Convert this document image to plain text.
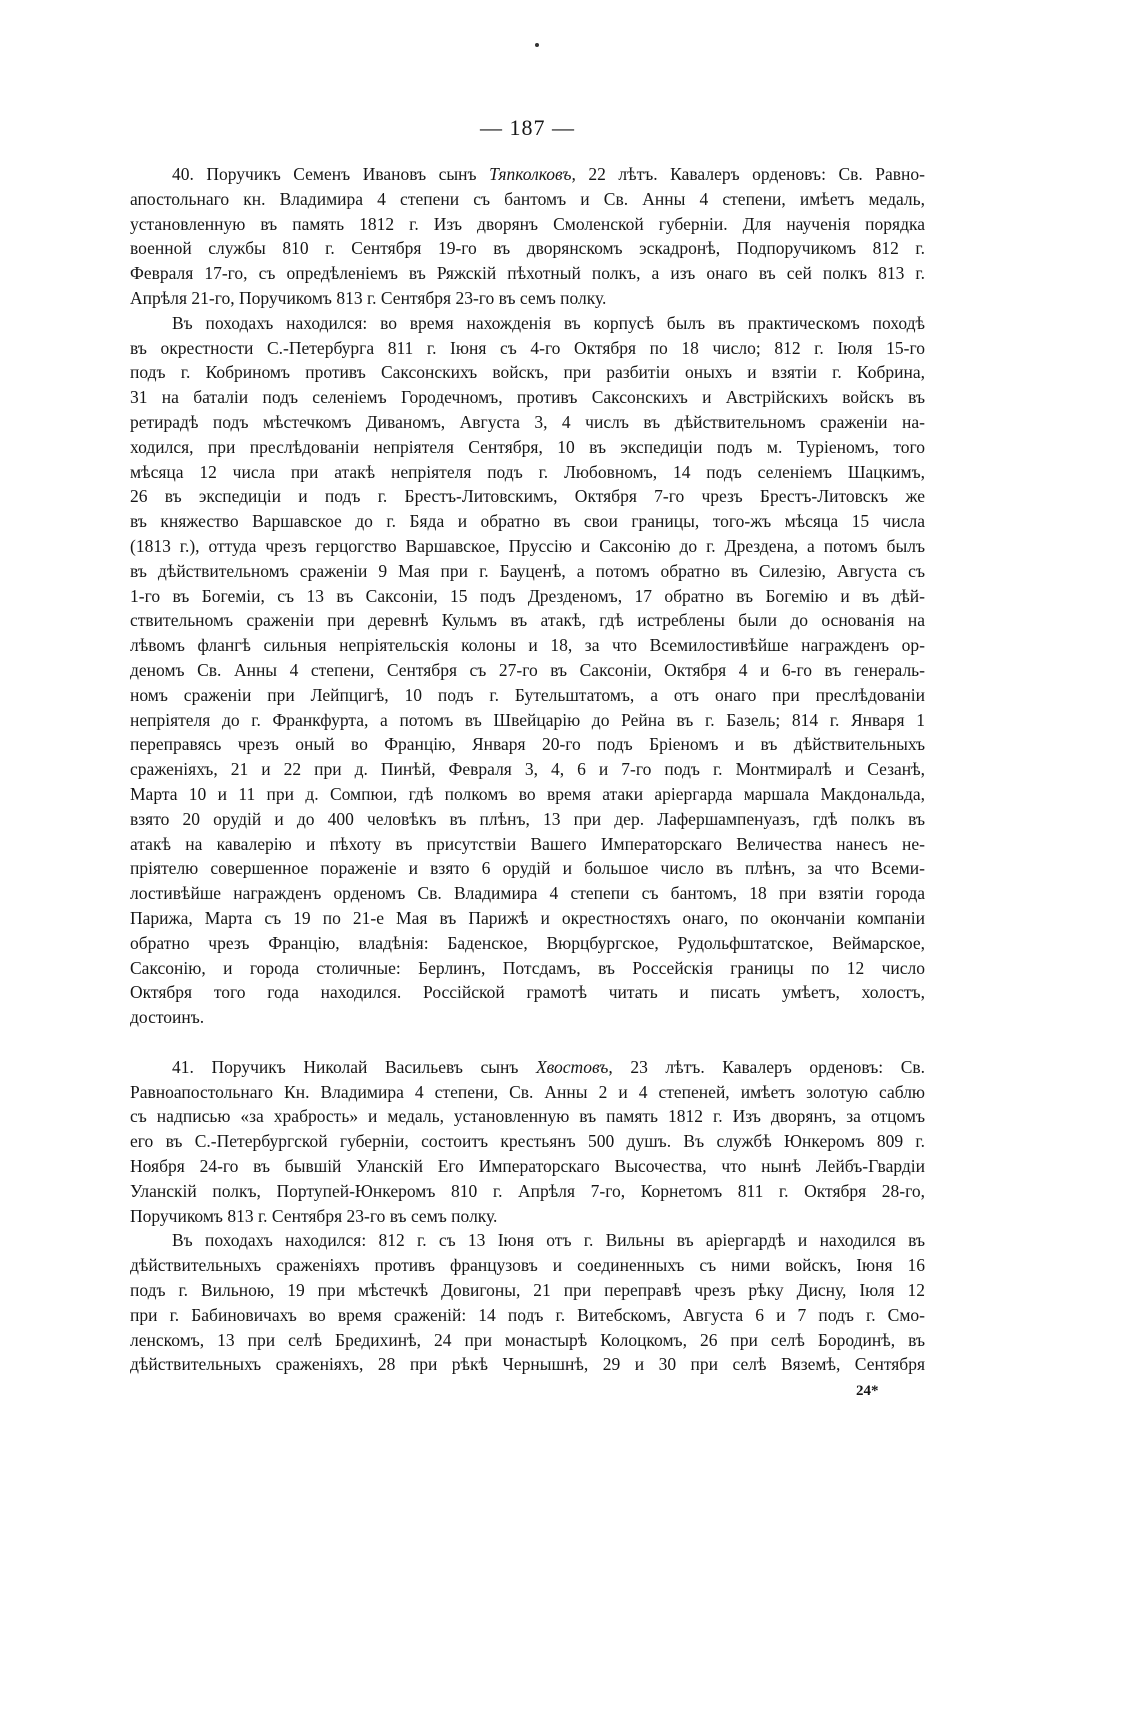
— 187 —
40. Поручикъ Семенъ Ивановъ сынъ Тяпколковъ, 22 лѣтъ. Кавалеръ орденовъ: Св. Равно-
апостольнаго кн. Владимира 4 степени съ бантомъ и Св. Анны 4 степени, имѣетъ медаль,
установленную въ память 1812 г. Изъ дворянъ Смоленской губерніи. Для наученія порядка
военной службы 810 г. Сентября 19-го въ дворянскомъ эскадронѣ, Подпоручикомъ 812 г.
Февраля 17-го, съ опредѣленіемъ въ Ряжскій пѣхотный полкъ, а изъ онаго въ сей полкъ 813 г.
Апрѣля 21-го, Поручикомъ 813 г. Сентября 23-го въ семъ полку.
Въ походахъ находился: во время нахожденія въ корпусѣ былъ въ практическомъ походѣ
въ окрестности С.-Петербурга 811 г. Іюня съ 4-го Октября по 18 число; 812 г. Іюля 15-го
подъ г. Кобриномъ противъ Саксонскихъ войскъ, при разбитіи оныхъ и взятіи г. Кобрина,
31 на баталіи подъ селеніемъ Городечномъ, противъ Саксонскихъ и Австрійскихъ войскъ въ
ретирадѣ подъ мѣстечкомъ Диваномъ, Августа 3, 4 числъ въ дѣйствительномъ сраженіи на-
ходился, при преслѣдованіи непріятеля Сентября, 10 въ экспедиціи подъ м. Туріеномъ, того
мѣсяца 12 числа при атакѣ непріятеля подъ г. Любовномъ, 14 подъ селеніемъ Шацкимъ,
26 въ экспедиціи и подъ г. Брестъ-Литовскимъ, Октября 7-го чрезъ Брестъ-Литовскъ же
въ княжество Варшавское до г. Бяда и обратно въ свои границы, того-жъ мѣсяца 15 числа
(1813 г.), оттуда чрезъ герцогство Варшавское, Пруссію и Саксонію до г. Дрездена, а потомъ былъ
въ дѣйствительномъ сраженіи 9 Мая при г. Бауценѣ, а потомъ обратно въ Силезію, Августа съ
1-го въ Богеміи, съ 13 въ Саксоніи, 15 подъ Дрезденомъ, 17 обратно въ Богемію и въ дѣй-
ствительномъ сраженіи при деревнѣ Кульмъ въ атакѣ, гдѣ истреблены были до основанія на
лѣвомъ флангѣ сильныя непріятельскія колоны и 18, за что Всемилостивѣйше награжденъ ор-
деномъ Св. Анны 4 степени, Сентября съ 27-го въ Саксоніи, Октября 4 и 6-го въ генераль-
номъ сраженіи при Лейпцигѣ, 10 подъ г. Бутельштатомъ, а отъ онаго при преслѣдованіи
непріятеля до г. Франкфурта, а потомъ въ Швейцарію до Рейна въ г. Базель; 814 г. Января 1
переправясь чрезъ оный во Францію, Января 20-го подъ Бріеномъ и въ дѣйствительныхъ
сраженіяхъ, 21 и 22 при д. Пинѣй, Февраля 3, 4, 6 и 7-го подъ г. Монтмиралѣ и Сезанѣ,
Марта 10 и 11 при д. Сомпюи, гдѣ полкомъ во время атаки аріергарда маршала Макдональда,
взято 20 орудій и до 400 человѣкъ въ плѣнъ, 13 при дер. Лафершампенуазъ, гдѣ полкъ въ
атакѣ на кавалерію и пѣхоту въ присутствіи Вашего Императорскаго Величества нанесъ не-
пріятелю совершенное пораженіе и взято 6 орудій и большое число въ плѣнъ, за что Всеми-
лостивѣйше награжденъ орденомъ Св. Владимира 4 степепи съ бантомъ, 18 при взятіи города
Парижа, Марта съ 19 по 21-е Мая въ Парижѣ и окрестностяхъ онаго, по окончаніи компаніи
обратно чрезъ Францію, владѣнія: Баденское, Вюрцбургское, Рудольфштатское, Веймарское,
Саксонію, и города столичные: Берлинъ, Потсдамъ, въ Россейскія границы по 12 число
Октября того года находился. Россійской грамотѣ читать и писать умѣетъ, холостъ,
достоинъ.
41. Поручикъ Николай Васильевъ сынъ Хвостовъ, 23 лѣтъ. Кавалеръ орденовъ: Св.
Равноапостольнаго Кн. Владимира 4 степени, Св. Анны 2 и 4 степеней, имѣетъ золотую саблю
съ надписью «за храбрость» и медаль, установленную въ память 1812 г. Изъ дворянъ, за отцомъ
его въ С.-Петербургской губерніи, состоитъ крестьянъ 500 душъ. Въ службѣ Юнкеромъ 809 г.
Ноября 24-го въ бывшій Уланскій Его Императорскаго Высочества, что нынѣ Лейбъ-Гвардіи
Уланскій полкъ, Портупей-Юнкеромъ 810 г. Апрѣля 7-го, Корнетомъ 811 г. Октября 28-го,
Поручикомъ 813 г. Сентября 23-го въ семъ полку.
Въ походахъ находился: 812 г. съ 13 Іюня отъ г. Вильны въ аріергардѣ и находился въ
дѣйствительныхъ сраженіяхъ противъ французовъ и соединенныхъ съ ними войскъ, Іюня 16
подъ г. Вильною, 19 при мѣстечкѣ Довигоны, 21 при переправѣ чрезъ рѣку Дисну, Іюля 12
при г. Бабиновичахъ во время сраженій: 14 подъ г. Витебскомъ, Августа 6 и 7 подъ г. Смо-
ленскомъ, 13 при селѣ Бредихинѣ, 24 при монастырѣ Колоцкомъ, 26 при селѣ Бородинѣ, въ
дѣйствительныхъ сраженіяхъ, 28 при рѣкѣ Чернышнѣ, 29 и 30 при селѣ Вяземѣ, Сентября
24*
